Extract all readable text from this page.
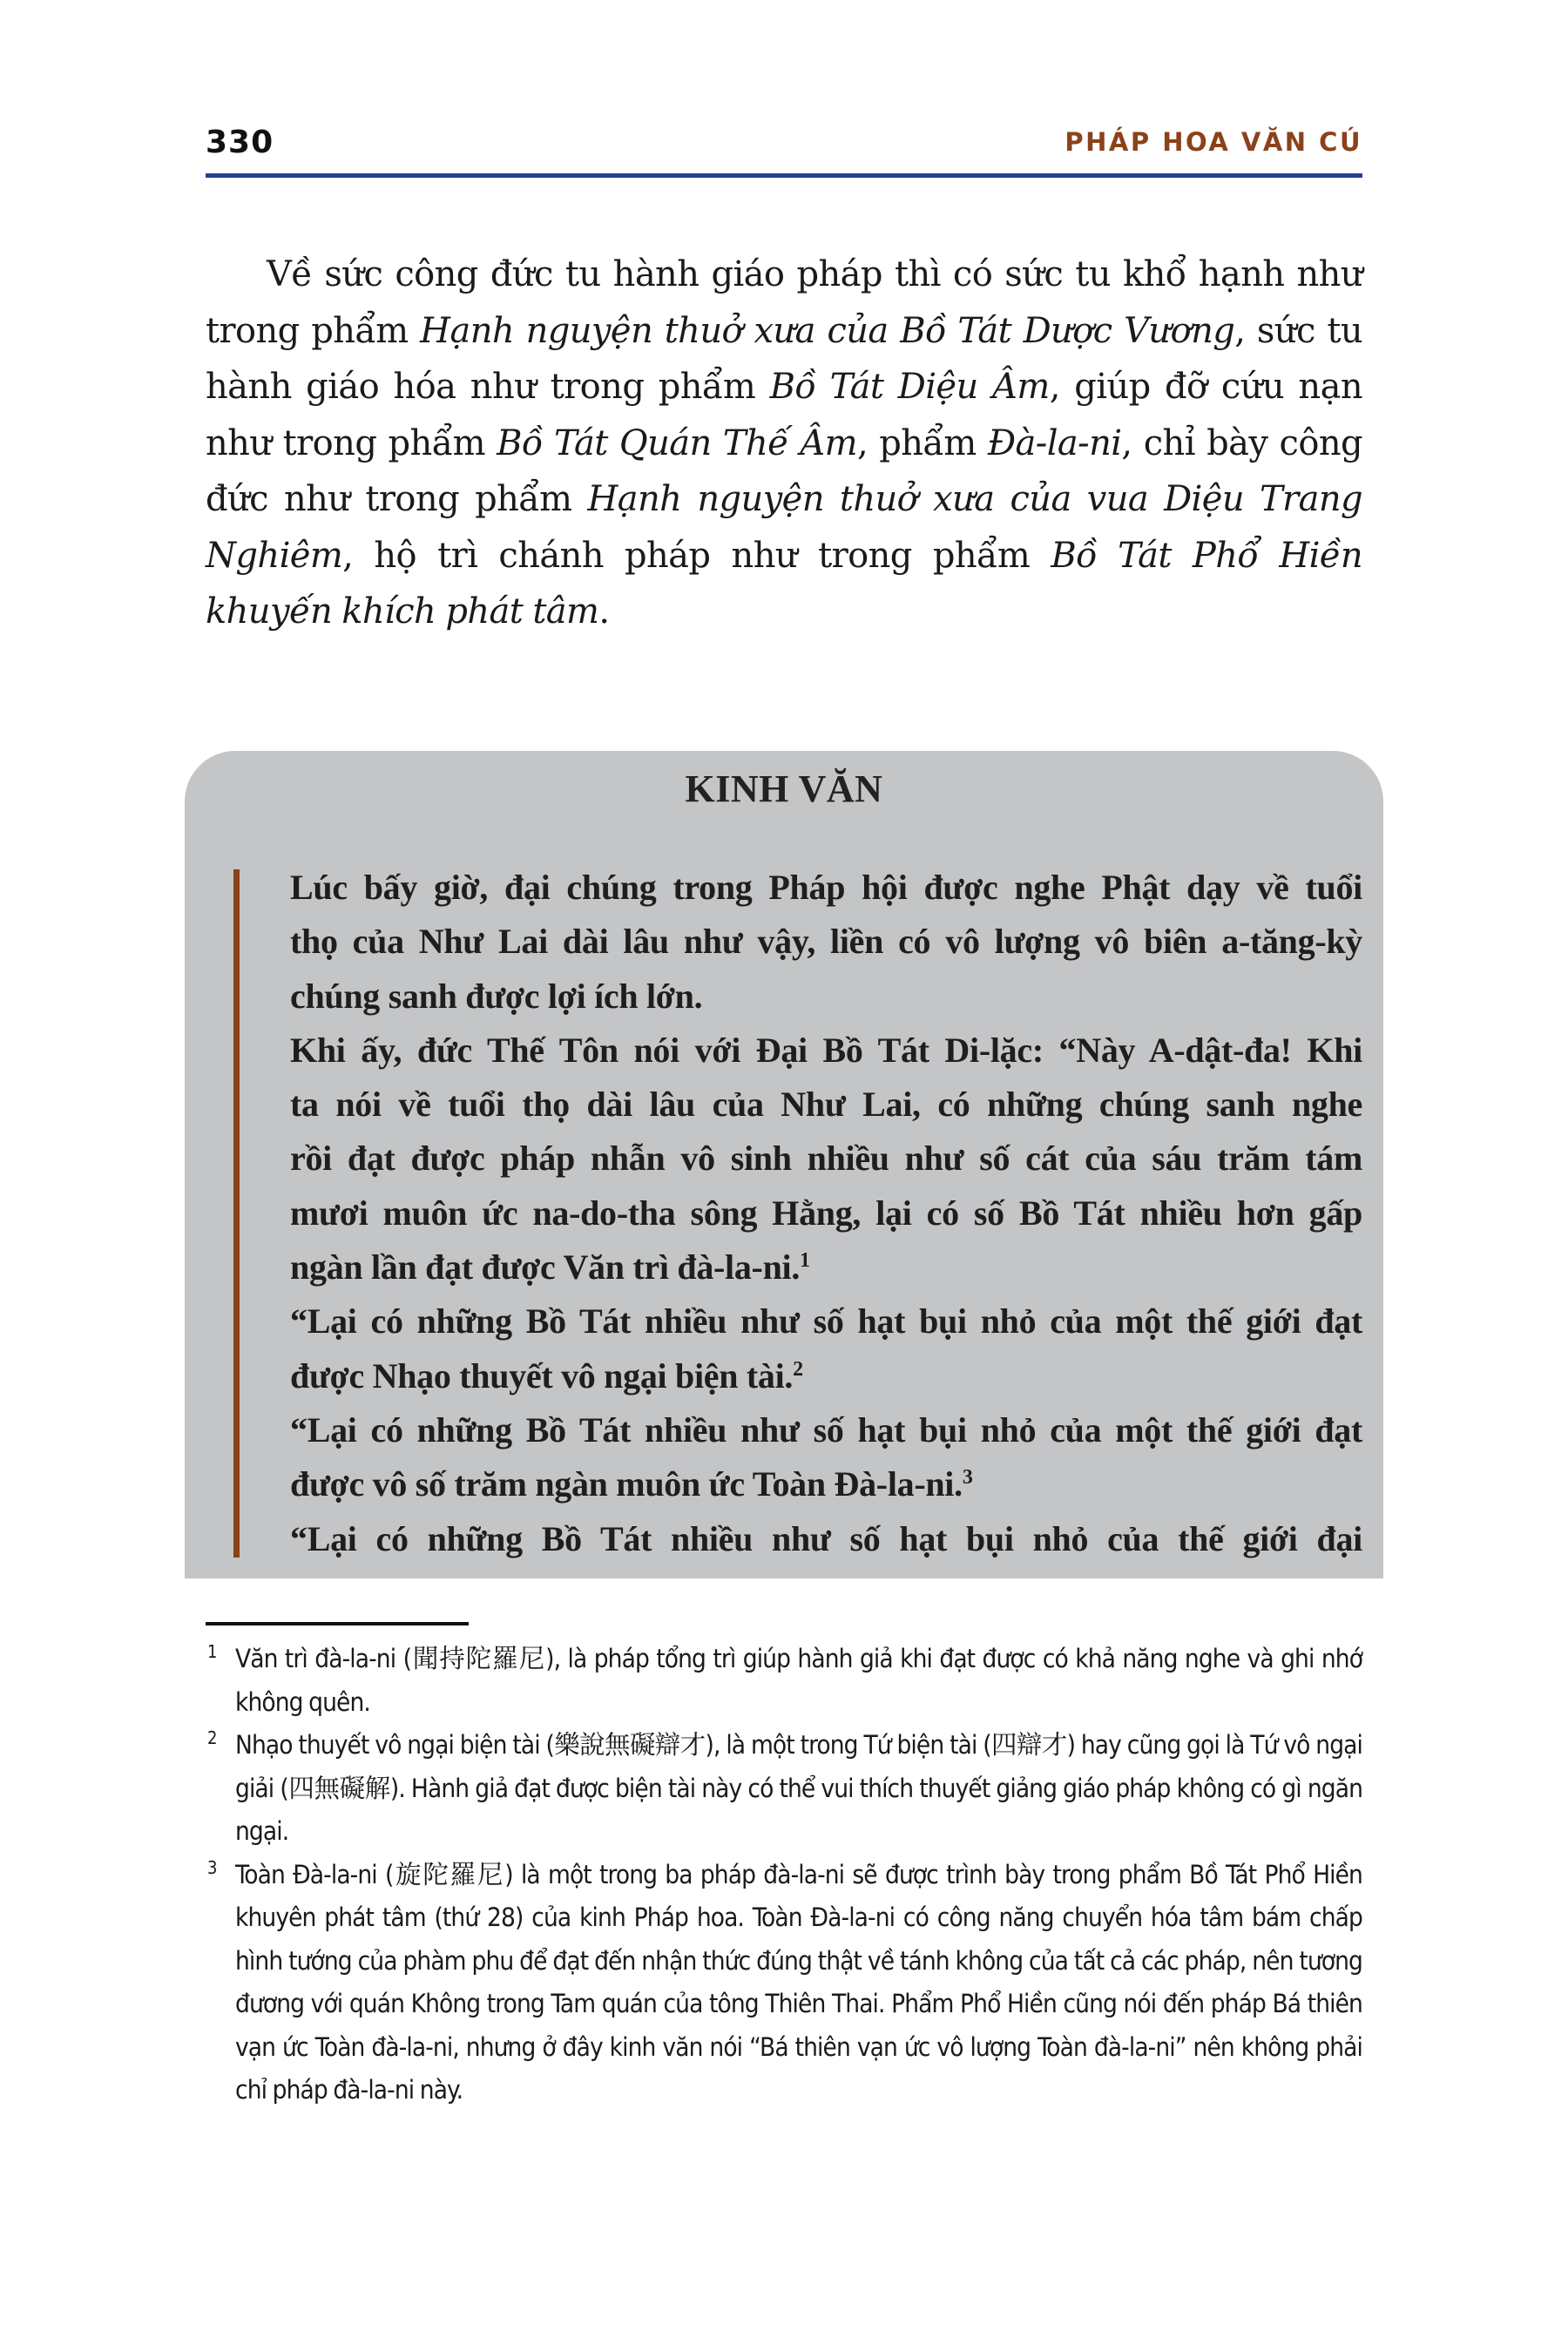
330	PHÁP HOA VĂN CÚ
Về sức công đức tu hành giáo pháp thì có sức tu khổ hạnh như trong phẩm Hạnh nguyện thuở xưa của Bồ Tát Dược Vương, sức tu hành giáo hóa như trong phẩm Bồ Tát Diệu Âm, giúp đỡ cứu nạn như trong phẩm Bồ Tát Quán Thế Âm, phẩm Đà-la-ni, chỉ bày công đức như trong phẩm Hạnh nguyện thuở xưa của vua Diệu Trang Nghiêm, hộ trì chánh pháp như trong phẩm Bồ Tát Phổ Hiền khuyến khích phát tâm.
KINH VĂN
Lúc bấy giờ, đại chúng trong Pháp hội được nghe Phật dạy về tuổi
thọ của Như Lai dài lâu như vậy, liền có vô lượng vô biên a-tăng-kỳ
chúng sanh được lợi ích lớn.
Khi ấy, đức Thế Tôn nói với Đại Bồ Tát Di-lặc: “Này A-dật-đa! Khi
ta nói về tuổi thọ dài lâu của Như Lai, có những chúng sanh nghe
rồi đạt được pháp nhẫn vô sinh nhiều như số cát của sáu trăm tám
mươi muôn ức na-do-tha sông Hằng, lại có số Bồ Tát nhiều hơn gấp
ngàn lần đạt được Văn trì đà-la-ni.$^1$
“Lại có những Bồ Tát nhiều như số hạt bụi nhỏ của một thế giới đạt
được Nhạo thuyết vô ngại biện tài.$^2$
“Lại có những Bồ Tát nhiều như số hạt bụi nhỏ của một thế giới đạt
được vô số trăm ngàn muôn ức Toàn Đà-la-ni.$^3$
“Lại có những Bồ Tát nhiều như số hạt bụi nhỏ của thế giới đại
1 Văn trì đà-la-ni (聞持陀羅尼), là pháp tổng trì giúp hành giả khi đạt được có khả năng nghe và ghi nhớ không quên.
2 Nhạo thuyết vô ngại biện tài (樂說無礙辯才), là một trong Tứ biện tài (四辯才) hay cũng gọi là Tứ vô ngại giải (四無礙解). Hành giả đạt được biện tài này có thể vui thích thuyết giảng giáo pháp không có gì ngăn ngại.
3 Toàn Đà-la-ni (旋陀羅尼) là một trong ba pháp đà-la-ni sẽ được trình bày trong phẩm Bồ Tát Phổ Hiền khuyên phát tâm (thứ 28) của kinh Pháp hoa. Toàn Đà-la-ni có công năng chuyển hóa tâm bám chấp hình tướng của phàm phu để đạt đến nhận thức đúng thật về tánh không của tất cả các pháp, nên tương đương với quán Không trong Tam quán của tông Thiên Thai. Phẩm Phổ Hiền cũng nói đến pháp Bá thiên vạn ức Toàn đà-la-ni, nhưng ở đây kinh văn nói “Bá thiên vạn ức vô lượng Toàn đà-la-ni” nên không phải chỉ pháp đà-la-ni này.
